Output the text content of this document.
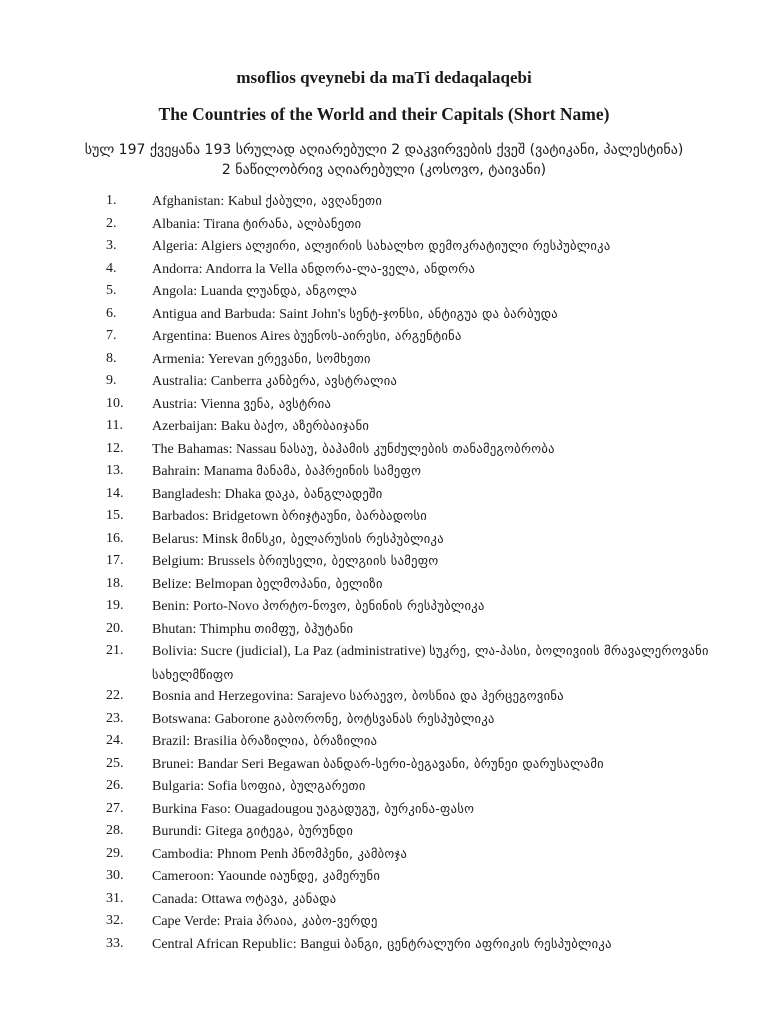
msoflios qveynebi da maTi dedaqalaqebi
The Countries of the World and their Capitals (Short Name)
სულ 197 ქვეყანა 193 სრულად აღიარებული 2 დაკვირვების ქვეშ (ვატიკანი, პალესტინა)
2 ნაწილობრივ აღიარებული (კოსოვო, ტაივანი)
1.	Afghanistan: Kabul ქაბული, ავღანეთი
2.	Albania: Tirana ტირანა, ალბანეთი
3.	Algeria: Algiers ალჟირი, ალჟირის სახალხო დემოკრატიული რესპუბლიკა
4.	Andorra: Andorra la Vella ანდორა-ლა-ველა, ანდორა
5.	Angola: Luanda ლუანდა, ანგოლა
6.	Antigua and Barbuda: Saint John's სენტ-ჯონსი, ანტიგუა და ბარბუდა
7.	Argentina: Buenos Aires ბუენოს-აირესი, არგენტინა
8.	Armenia: Yerevan ერევანი, სომხეთი
9.	Australia: Canberra კანბერა, ავსტრალია
10. Austria: Vienna ვენა, ავსტრია
11. Azerbaijan: Baku ბაქო, აზერბაიჯანი
12. The Bahamas: Nassau ნასაუ, ბაჰამის კუნძულების თანამეგობრობა
13. Bahrain: Manama მანამა, ბაჰრეინის სამეფო
14. Bangladesh: Dhaka დაკა, ბანგლადეში
15. Barbados: Bridgetown ბრიჯტაუნი, ბარბადოსი
16. Belarus: Minsk მინსკი, ბელარუსის რესპუბლიკა
17. Belgium: Brussels ბრიუსელი, ბელგიის სამეფო
18. Belize: Belmopan ბელმოპანი, ბელიზი
19. Benin: Porto-Novo პორტო-ნოვო, ბენინის რესპუბლიკა
20. Bhutan: Thimphu თიმფუ, ბჰუტანი
21. Bolivia: Sucre (judicial), La Paz (administrative) სუკრე, ლა-პასი, ბოლივიის მრავალეროვანი სახელმწიფო
22. Bosnia and Herzegovina: Sarajevo სარაევო, ბოსნია და ჰერცეგოვინა
23. Botswana: Gaborone გაბორონე, ბოტსვანას რესპუბლიკა
24. Brazil: Brasilia ბრაზილია, ბრაზილია
25. Brunei: Bandar Seri Begawan ბანდარ-სერი-ბეგავანი, ბრუნეი დარუსალამი
26. Bulgaria: Sofia სოფია, ბულგარეთი
27. Burkina Faso: Ouagadougou უაგადუგუ, ბურკინა-ფასო
28. Burundi: Gitega გიტეგა, ბურუნდი
29. Cambodia: Phnom Penh პნომპენი, კამბოჯა
30. Cameroon: Yaounde იაუნდე, კამერუნი
31. Canada: Ottawa ოტავა, კანადა
32. Cape Verde: Praia პრაია, კაბო-ვერდე
33. Central African Republic: Bangui ბანგი, ცენტრალური აფრიკის რესპუბლიკა
